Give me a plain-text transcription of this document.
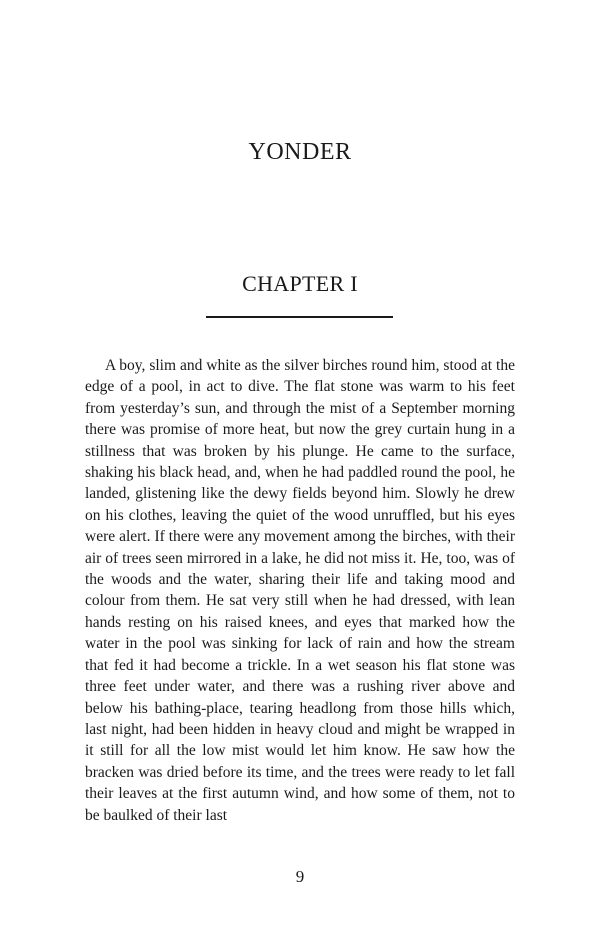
YONDER
CHAPTER I

A boy, slim and white as the silver birches round him, stood at the edge of a pool, in act to dive. The flat stone was warm to his feet from yesterday’s sun, and through the mist of a September morning there was promise of more heat, but now the grey curtain hung in a stillness that was broken by his plunge. He came to the surface, shaking his black head, and, when he had paddled round the pool, he landed, glistening like the dewy fields beyond him. Slowly he drew on his clothes, leaving the quiet of the wood unruffled, but his eyes were alert. If there were any movement among the birches, with their air of trees seen mirrored in a lake, he did not miss it. He, too, was of the woods and the water, sharing their life and taking mood and colour from them. He sat very still when he had dressed, with lean hands resting on his raised knees, and eyes that marked how the water in the pool was sinking for lack of rain and how the stream that fed it had become a trickle. In a wet season his flat stone was three feet under water, and there was a rushing river above and below his bathing-place, tearing headlong from those hills which, last night, had been hidden in heavy cloud and might be wrapped in it still for all the low mist would let him know. He saw how the bracken was dried before its time, and the trees were ready to let fall their leaves at the first autumn wind, and how some of them, not to be baulked of their last

9
